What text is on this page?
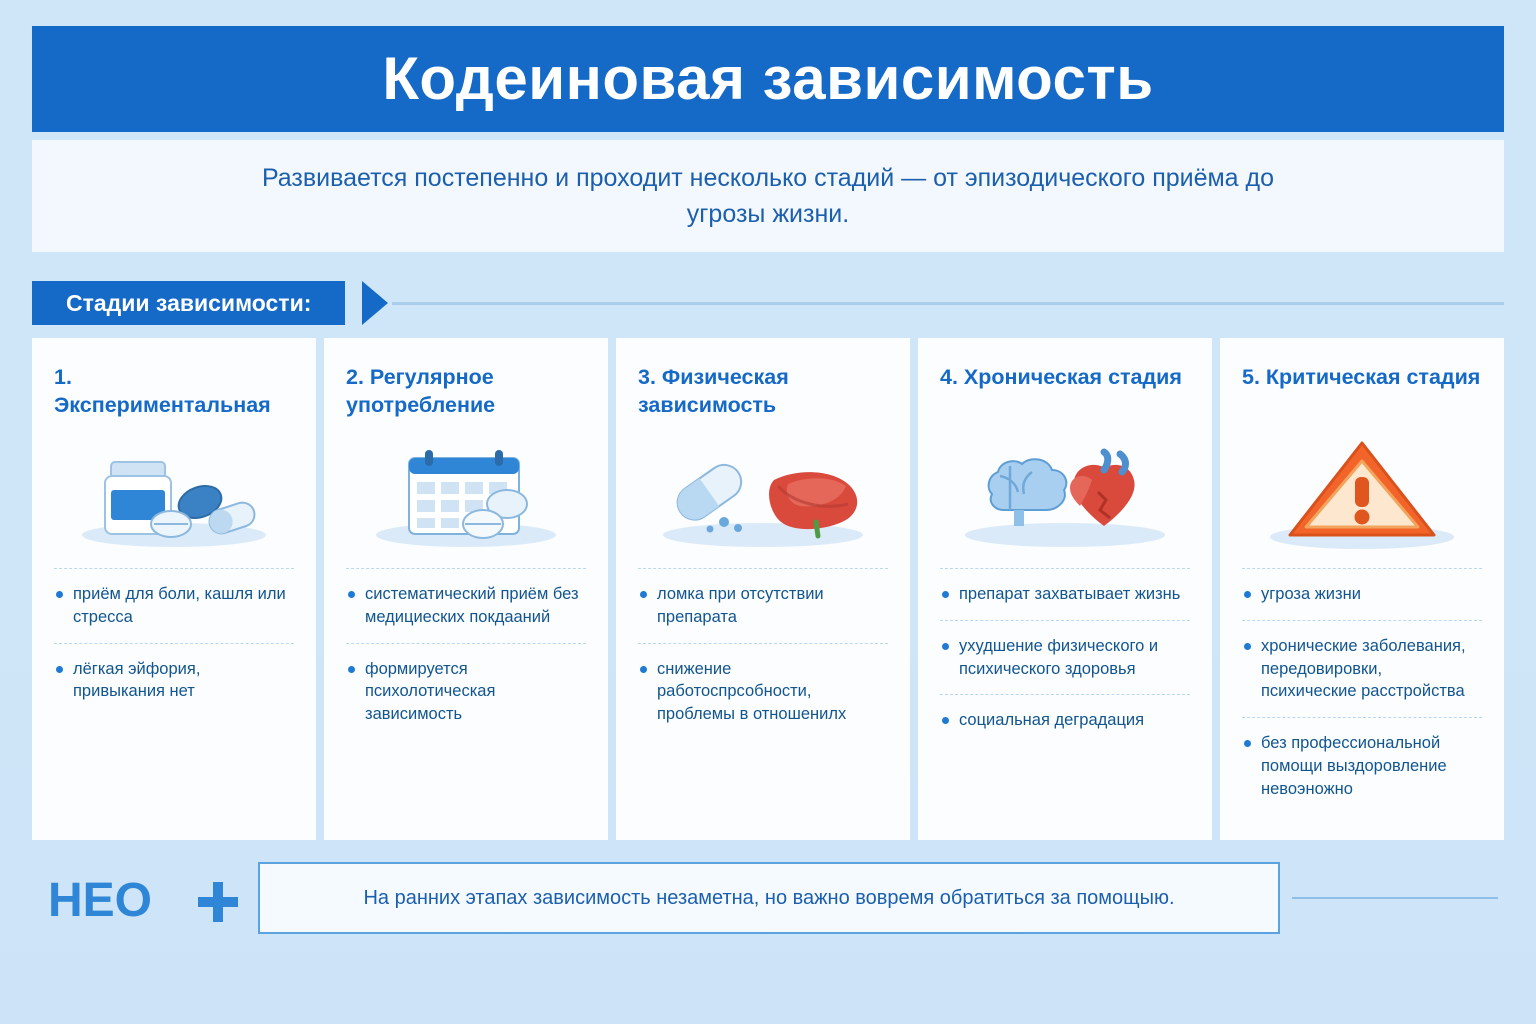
Кодеиновая зависимость
Развивается постепенно и проходит несколько стадий — от эпизодического приёма до угрозы жизни.
Стадии зависимости:
1. Экспериментальная
приём для боли, кашля или стресса
лёгкая эйфория, привыкания нет
2. Регулярное употребление
систематический приём без медициеских покдааний
формируется психолотическая зависимость
3. Физическая зависимость
ломка при отсутствии препарата
снижение работоспрсобности, проблемы в отношенилх
4. Хроническая стадия
препарат захватывает жизнь
ухудшение физического и психического здоровья
социальная деградация
5. Критическая стадия
угроза жизни
хронические заболевания, передовировки, психические расстройства
без профессиональной помощи выздоровление невоэножно
НЕО	На ранних этапах зависимость незаметна, но важно вовремя обратиться за помощыю.
